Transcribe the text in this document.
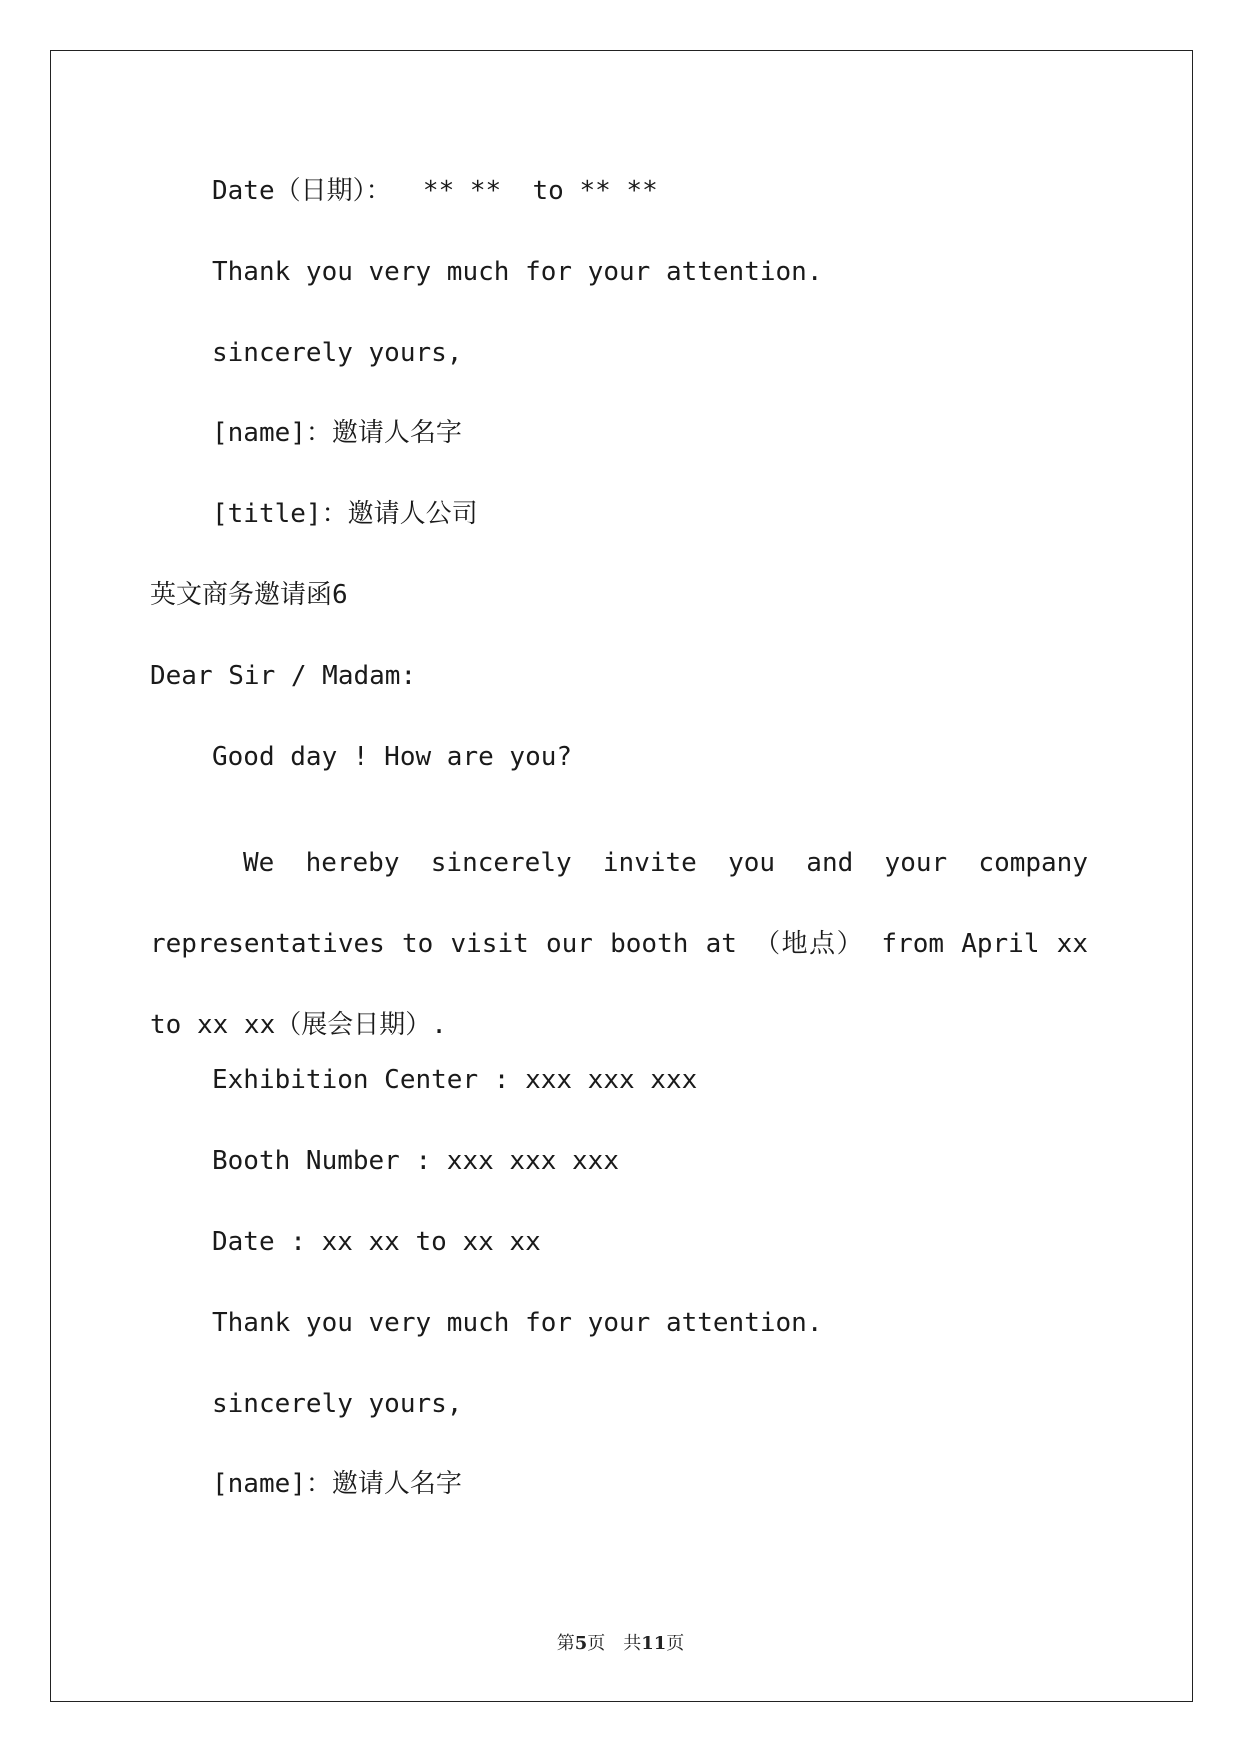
Date（日期）：  ** **  to ** **
Thank you very much for your attention.
sincerely yours,
[name]：邀请人名字
[title]：邀请人公司
英文商务邀请函6
Dear Sir / Madam:
Good day ! How are you?
We hereby sincerely invite you and your company representatives to visit our booth at （地点） from April xx to xx xx（展会日期）.
Exhibition Center : xxx xxx xxx
Booth Number : xxx xxx xxx
Date : xx xx to xx xx
Thank you very much for your attention.
sincerely yours,
[name]：邀请人名字
第5页　共11页
